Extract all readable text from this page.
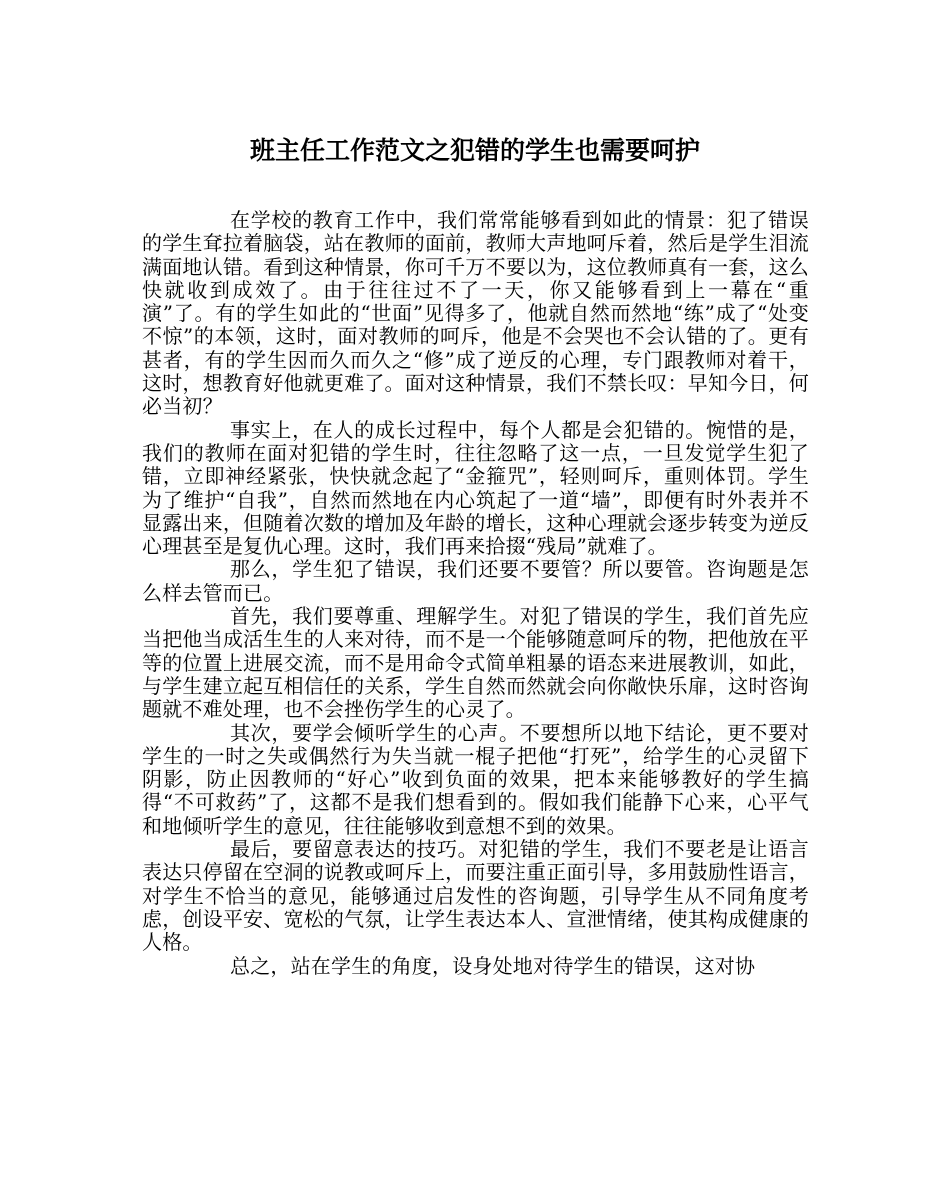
班主任工作范文之犯错的学生也需要呵护

在学校的教育工作中，我们常常能够看到如此的情景：犯了错误的学生耷拉着脑袋，站在教师的面前，教师大声地呵斥着，然后是学生泪流满面地认错。看到这种情景，你可千万不要以为，这位教师真有一套，这么快就收到成效了。由于往往过不了一天，你又能够看到上一幕在“重演”了。有的学生如此的“世面”见得多了，他就自然而然地“练”成了“处变不惊”的本领，这时，面对教师的呵斥，他是不会哭也不会认错的了。更有甚者，有的学生因而久而久之“修”成了逆反的心理，专门跟教师对着干，这时，想教育好他就更难了。面对这种情景，我们不禁长叹：早知今日，何必当初？

事实上，在人的成长过程中，每个人都是会犯错的。惋惜的是，我们的教师在面对犯错的学生时，往往忽略了这一点，一旦发觉学生犯了错，立即神经紧张，快快就念起了“金箍咒”，轻则呵斥，重则体罚。学生为了维护“自我”，自然而然地在内心筑起了一道“墙”，即便有时外表并不显露出来，但随着次数的增加及年龄的增长，这种心理就会逐步转变为逆反心理甚至是复仇心理。这时，我们再来拾掇“残局”就难了。

那么，学生犯了错误，我们还要不要管？所以要管。咨询题是怎么样去管而已。

首先，我们要尊重、理解学生。对犯了错误的学生，我们首先应当把他当成活生生的人来对待，而不是一个能够随意呵斥的物，把他放在平等的位置上进展交流，而不是用命令式简单粗暴的语态来进展教训，如此，与学生建立起互相信任的关系，学生自然而然就会向你敞快乐扉，这时咨询题就不难处理，也不会挫伤学生的心灵了。

其次，要学会倾听学生的心声。不要想所以地下结论，更不要对学生的一时之失或偶然行为失当就一棍子把他“打死”，给学生的心灵留下阴影，防止因教师的“好心”收到负面的效果，把本来能够教好的学生搞得“不可救药”了，这都不是我们想看到的。假如我们能静下心来，心平气和地倾听学生的意见，往往能够收到意想不到的效果。

最后，要留意表达的技巧。对犯错的学生，我们不要老是让语言表达只停留在空洞的说教或呵斥上，而要注重正面引导，多用鼓励性语言，对学生不恰当的意见，能够通过启发性的咨询题，引导学生从不同角度考虑，创设平安、宽松的气氛，让学生表达本人、宣泄情绪，使其构成健康的人格。

总之，站在学生的角度，设身处地对待学生的错误，这对协
